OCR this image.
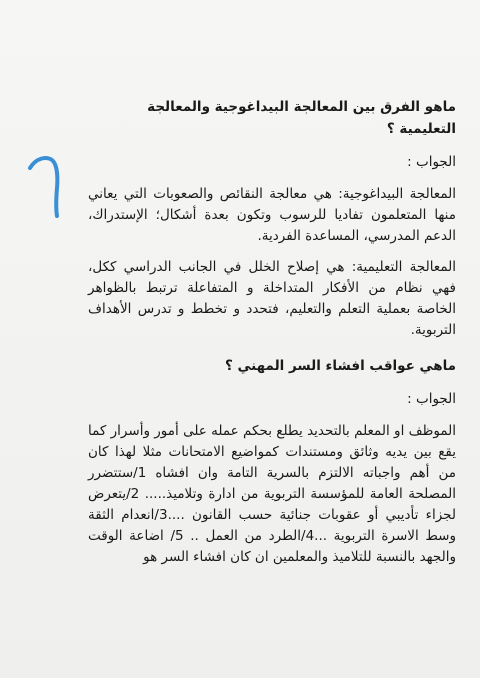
ماهو الفرق بين المعالجة البيداغوجية والمعالجة التعليمية ؟

الجواب :

المعالجة البيداغوجية: هي معالجة النقائص والصعوبات التي يعاني منها المتعلمون تفاديا للرسوب وتكون بعدة أشكال؛ الإستدراك، الدعم المدرسي، المساعدة الفردية.

المعالجة التعليمية: هي إصلاح الخلل في الجانب الدراسي ككل، فهي نظام من الأفكار المتداخلة و المتفاعلة ترتبط بالظواهر الخاصة بعملية التعلم والتعليم، فتحدد و تخطط و تدرس الأهداف التربوية.

ماهي عواقب افشاء السر المهني ؟

الجواب :

الموظف او المعلم بالتحديد يطلع بحكم عمله على أمور وأسرار كما يقع بين يديه وثائق ومستندات كمواضيع الامتحانات مثلا لهذا كان من أهم واجباته الالتزم بالسرية التامة وان افشاه 1/ستتضرر المصلحة العامة للمؤسسة التربوية من ادارة وتلاميذ..... 2/يتعرض لجزاء تأديبي أو عقوبات جنائية حسب القانون ....3/انعدام الثقة وسط الاسرة التربوية ...4/الطرد من العمل .. 5/ اضاعة الوقت والجهد بالنسبة للتلاميذ والمعلمين ان كان افشاء السر هو
